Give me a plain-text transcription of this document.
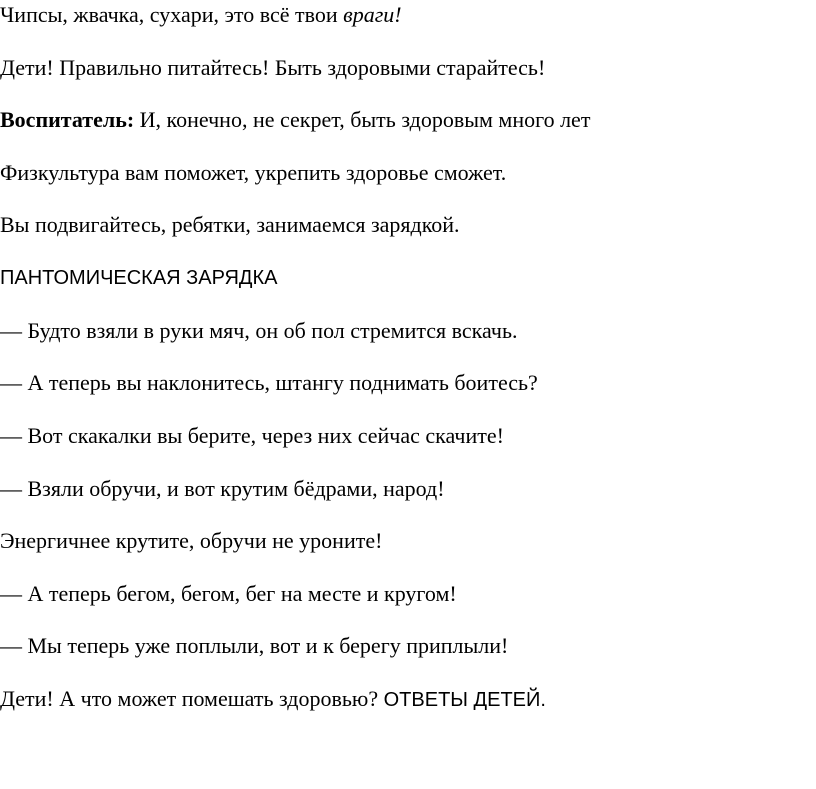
Чипсы, жвачка, сухари, это всё твои враги!
Дети! Правильно питайтесь! Быть здоровыми старайтесь!
Воспитатель: И, конечно, не секрет, быть здоровым много лет
Физкультура вам поможет, укрепить здоровье сможет.
Вы подвигайтесь, ребятки, занимаемся зарядкой.
ПАНТОМИЧЕСКАЯ ЗАРЯДКА
— Будто взяли в руки мяч, он об пол стремится вскачь.
— А теперь вы наклонитесь, штангу поднимать боитесь?
— Вот скакалки вы берите, через них сейчас скачите!
— Взяли обручи, и вот крутим бёдрами, народ!
Энергичнее крутите, обручи не уроните!
— А теперь бегом, бегом, бег на месте и кругом!
— Мы теперь уже поплыли, вот и к берегу приплыли!
Дети! А что может помешать здоровью? ОТВЕТЫ ДЕТЕЙ.
